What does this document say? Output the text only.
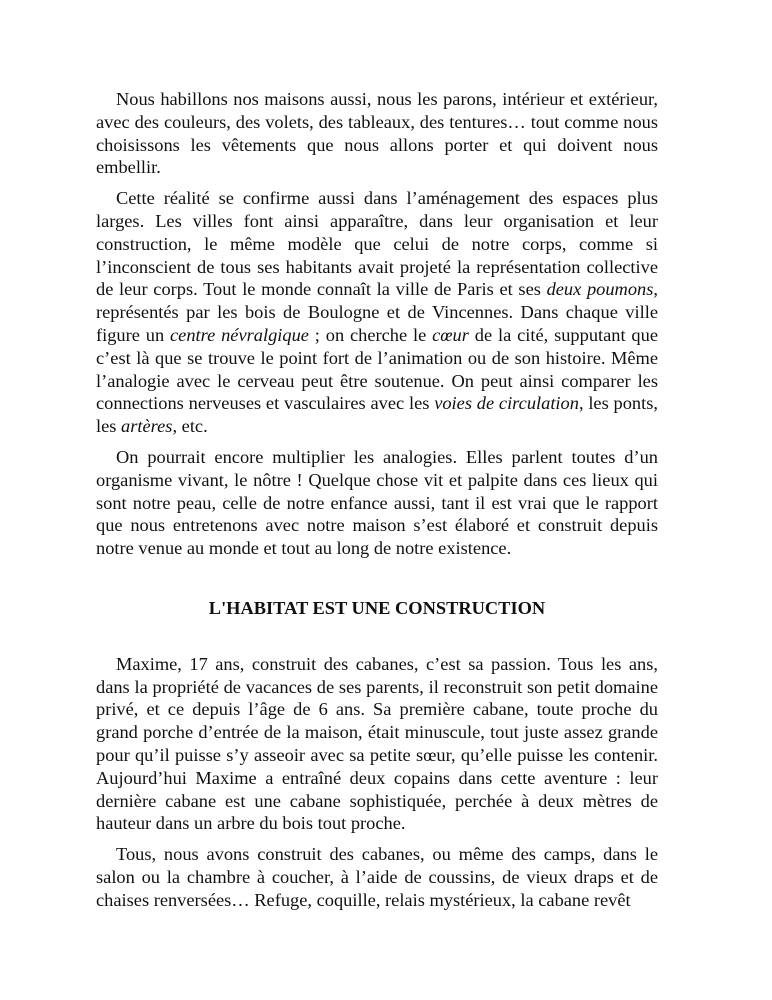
Nous habillons nos maisons aussi, nous les parons, intérieur et extérieur, avec des couleurs, des volets, des tableaux, des tentures… tout comme nous choisissons les vêtements que nous allons porter et qui doivent nous embellir.

Cette réalité se confirme aussi dans l’aménagement des espaces plus larges. Les villes font ainsi apparaître, dans leur organisation et leur construction, le même modèle que celui de notre corps, comme si l’inconscient de tous ses habitants avait projeté la représentation collective de leur corps. Tout le monde connaît la ville de Paris et ses deux poumons, représentés par les bois de Boulogne et de Vincennes. Dans chaque ville figure un centre névralgique ; on cherche le cœur de la cité, supputant que c’est là que se trouve le point fort de l’animation ou de son histoire. Même l’analogie avec le cerveau peut être soutenue. On peut ainsi comparer les connections nerveuses et vasculaires avec les voies de circulation, les ponts, les artères, etc.

On pourrait encore multiplier les analogies. Elles parlent toutes d’un organisme vivant, le nôtre ! Quelque chose vit et palpite dans ces lieux qui sont notre peau, celle de notre enfance aussi, tant il est vrai que le rapport que nous entretenons avec notre maison s’est élaboré et construit depuis notre venue au monde et tout au long de notre existence.

L'HABITAT EST UNE CONSTRUCTION

Maxime, 17 ans, construit des cabanes, c’est sa passion. Tous les ans, dans la propriété de vacances de ses parents, il reconstruit son petit domaine privé, et ce depuis l’âge de 6 ans. Sa première cabane, toute proche du grand porche d’entrée de la maison, était minuscule, tout juste assez grande pour qu’il puisse s’y asseoir avec sa petite sœur, qu’elle puisse les contenir. Aujourd’hui Maxime a entraîné deux copains dans cette aventure : leur dernière cabane est une cabane sophistiquée, perchée à deux mètres de hauteur dans un arbre du bois tout proche.

Tous, nous avons construit des cabanes, ou même des camps, dans le salon ou la chambre à coucher, à l’aide de coussins, de vieux draps et de chaises renversées… Refuge, coquille, relais mystérieux, la cabane revêt
